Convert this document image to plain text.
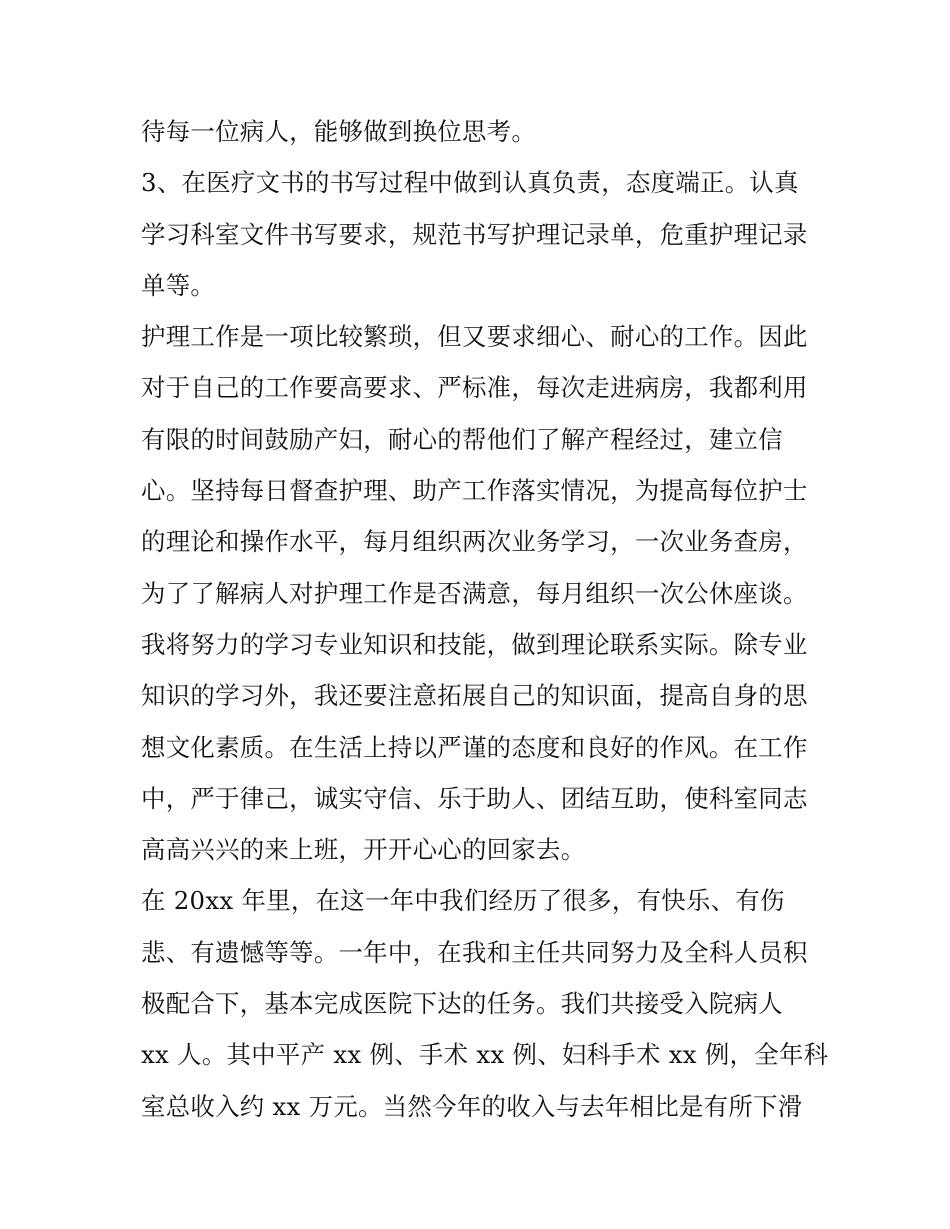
待每一位病人，能够做到换位思考。
3、在医疗文书的书写过程中做到认真负责，态度端正。认真
学习科室文件书写要求，规范书写护理记录单，危重护理记录
单等。
护理工作是一项比较繁琐，但又要求细心、耐心的工作。因此
对于自己的工作要高要求、严标准，每次走进病房，我都利用
有限的时间鼓励产妇，耐心的帮他们了解产程经过，建立信
心。坚持每日督查护理、助产工作落实情况，为提高每位护士
的理论和操作水平，每月组织两次业务学习，一次业务查房，
为了了解病人对护理工作是否满意，每月组织一次公休座谈。
我将努力的学习专业知识和技能，做到理论联系实际。除专业
知识的学习外，我还要注意拓展自己的知识面，提高自身的思
想文化素质。在生活上持以严谨的态度和良好的作风。在工作
中，严于律己，诚实守信、乐于助人、团结互助，使科室同志
高高兴兴的来上班，开开心心的回家去。
在 20xx 年里，在这一年中我们经历了很多，有快乐、有伤
悲、有遗憾等等。一年中，在我和主任共同努力及全科人员积
极配合下，基本完成医院下达的任务。我们共接受入院病人
xx 人。其中平产 xx 例、手术 xx 例、妇科手术 xx 例，全年科
室总收入约 xx 万元。当然今年的收入与去年相比是有所下滑
